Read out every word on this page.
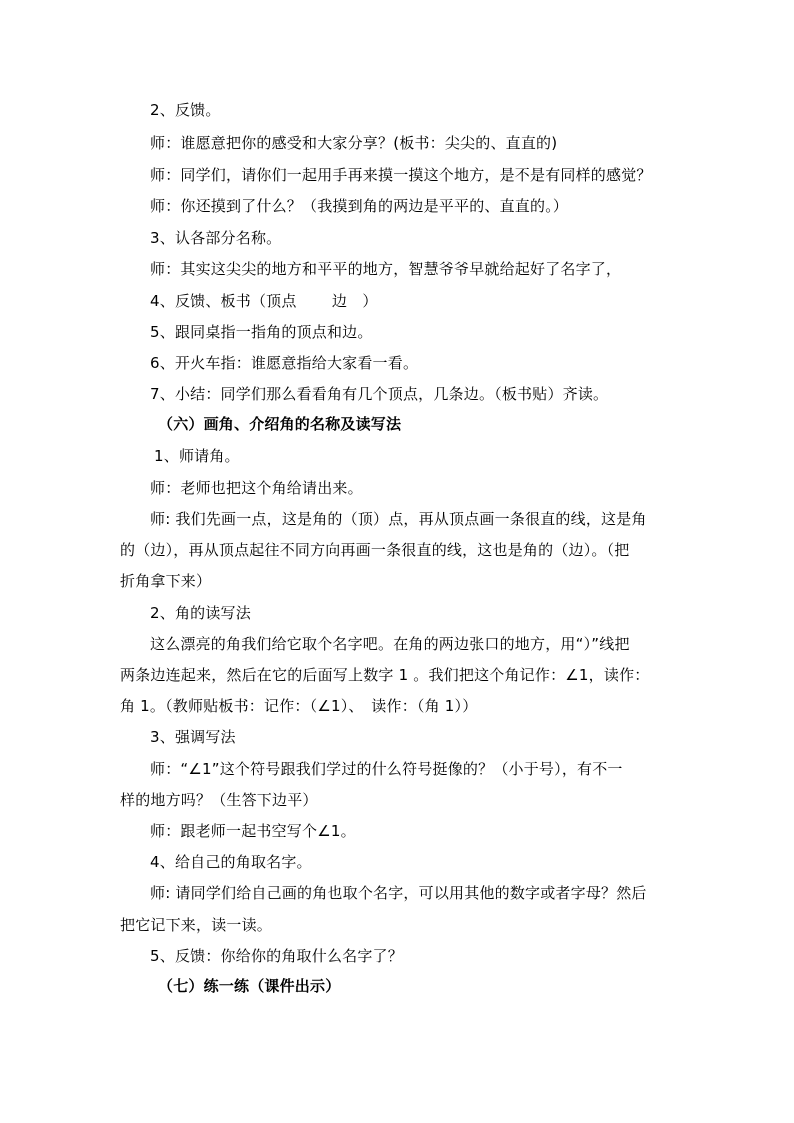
2、反馈。
师：谁愿意把你的感受和大家分享？(板书：尖尖的、直直的)
师：同学们，请你们一起用手再来摸一摸这个地方，是不是有同样的感觉？
师：你还摸到了什么？（我摸到角的两边是平平的、直直的。）
3、认各部分名称。
师：其实这尖尖的地方和平平的地方，智慧爷爷早就给起好了名字了，
4、反馈、板书（顶点　　 边　）
5、跟同桌指一指角的顶点和边。
6、开火车指：谁愿意指给大家看一看。
7、小结：同学们那么看看角有几个顶点，几条边。（板书贴）齐读。
（六）画角、介绍角的名称及读写法
1、师请角。
师：老师也把这个角给请出来。
师: 我们先画一点，这是角的（顶）点，再从顶点画一条很直的线，这是角
的（边），再从顶点起往不同方向再画一条很直的线，这也是角的（边）。（把
折角拿下来）
2、角的读写法
这么漂亮的角我们给它取个名字吧。在角的两边张口的地方，用“）”线把
两条边连起来，然后在它的后面写上数字 1 。我们把这个角记作：∠1，读作：
角 1。（教师贴板书：记作：（∠1）、　读作：（角 1））
3、强调写法
师：“∠1”这个符号跟我们学过的什么符号挺像的？（小于号），有不一
样的地方吗？（生答下边平）
师：跟老师一起书空写个∠1。
4、给自己的角取名字。
师: 请同学们给自己画的角也取个名字，可以用其他的数字或者字母？然后
把它记下来，读一读。
5、反馈：你给你的角取什么名字了？
（七）练一练（课件出示）
